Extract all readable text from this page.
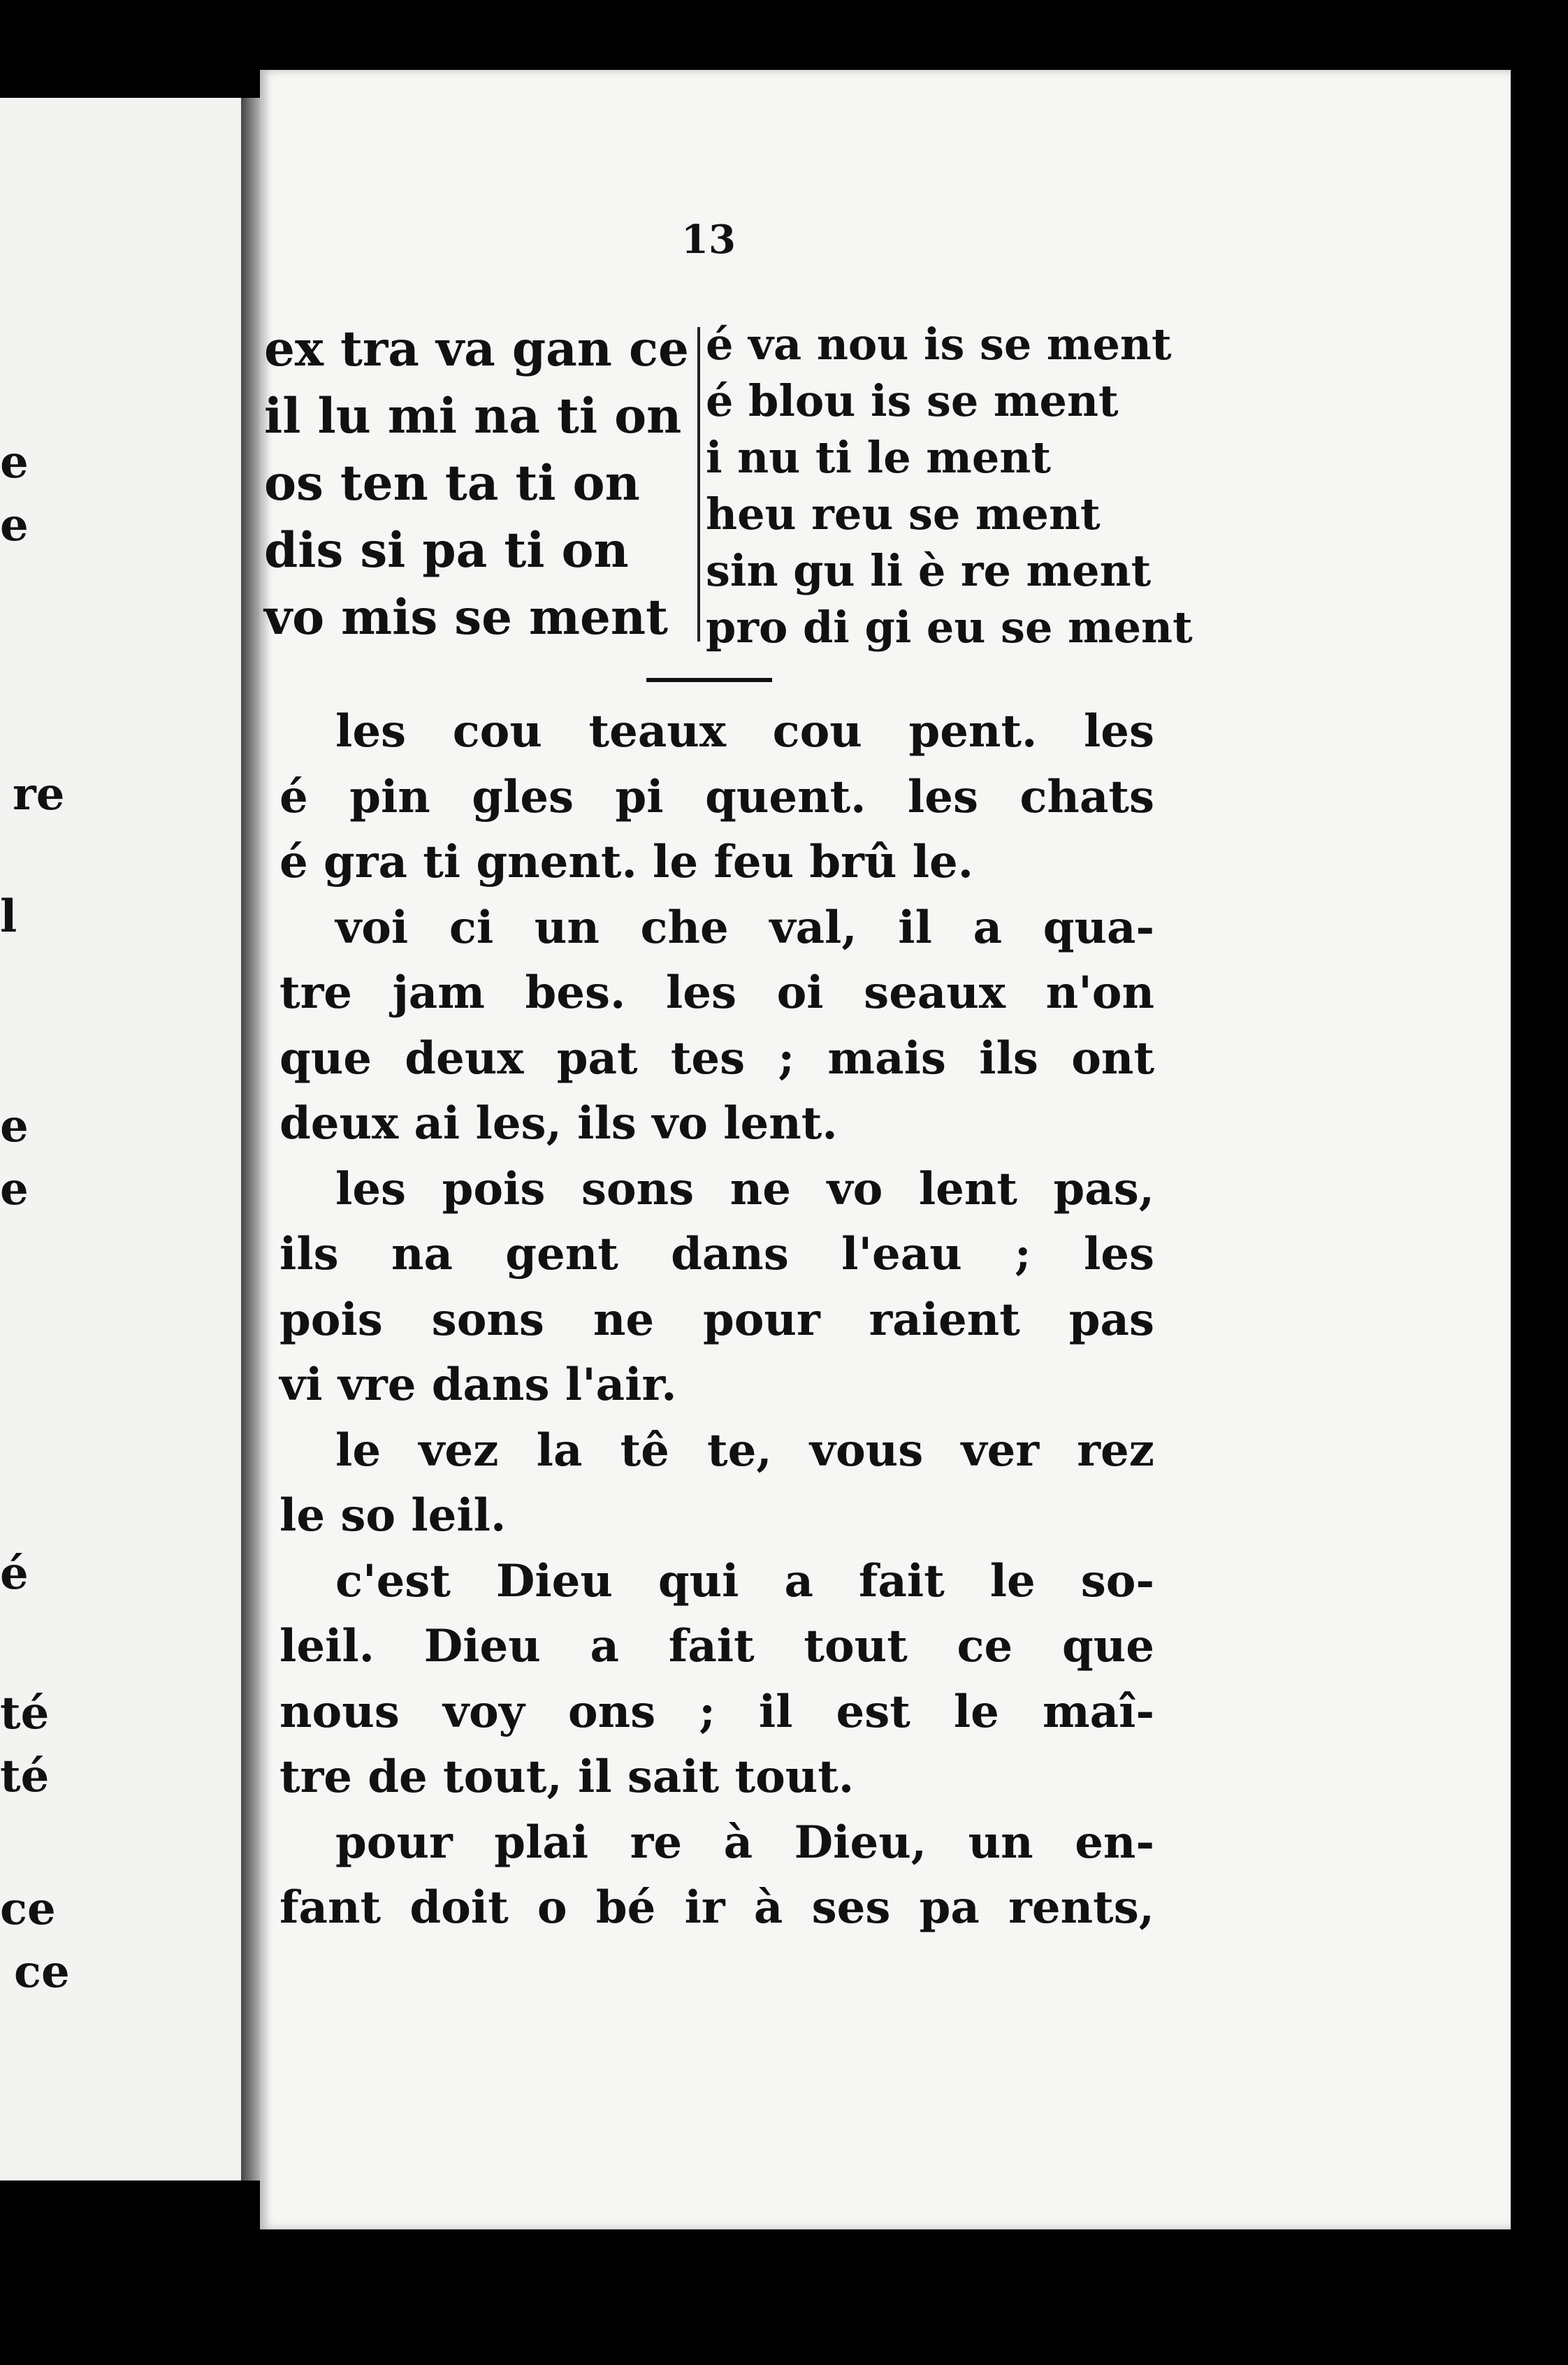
e
e
re
l
e
e
é
té
té
ce
ce
13
ex tra va gan ce
il lu mi na ti on
os ten ta ti on
dis si pa ti on
vo mis se ment
é va nou is se ment
é blou is se ment
i nu ti le ment
heu reu se ment
sin gu li è re ment
pro di gi eu se ment
les cou teaux cou pent. les
é pin gles pi quent. les chats
é gra ti gnent. le feu brû le.
voi ci un che val, il a qua-
tre jam bes. les oi seaux n'on
que deux pat tes ; mais ils ont
deux ai les, ils vo lent.
les pois sons ne vo lent pas,
ils na gent dans l'eau ; les
pois sons ne pour raient pas
vi vre dans l'air.
le vez la tê te, vous ver rez
le so leil.
c'est Dieu qui a fait le so-
leil. Dieu a fait tout ce que
nous voy ons ; il est le maî-
tre de tout, il sait tout.
pour plai re à Dieu, un en-
fant doit o bé ir à ses pa rents,
